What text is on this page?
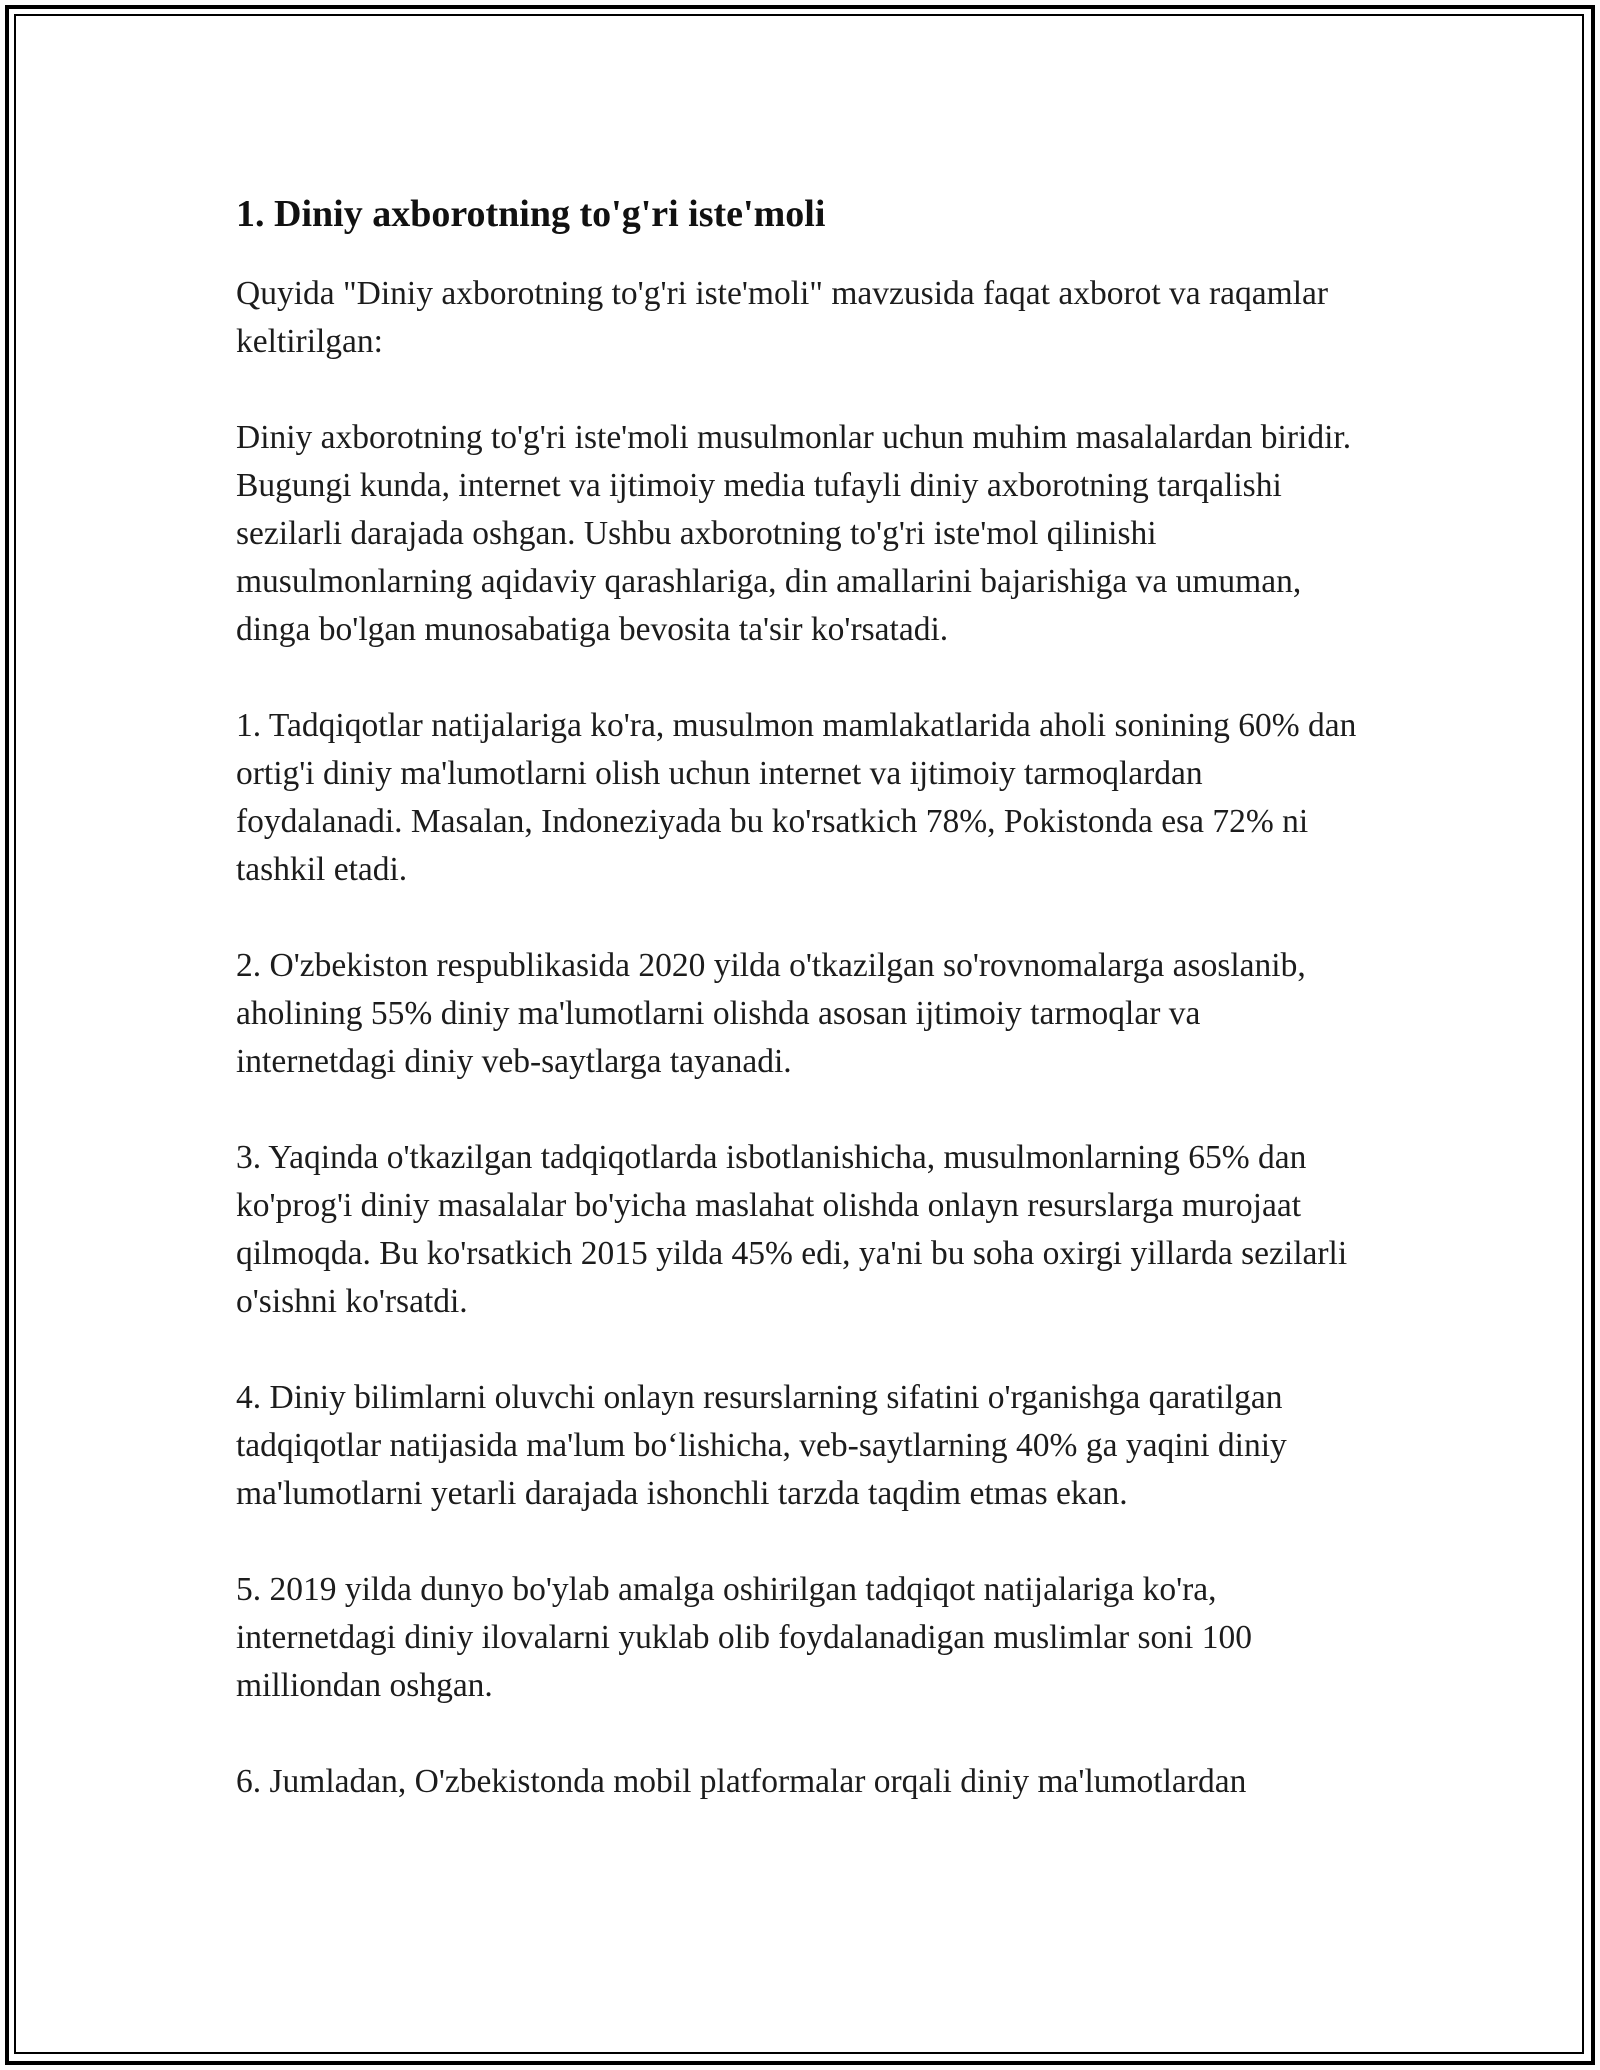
1. Diniy axborotning to'g'ri iste'moli

Quyida "Diniy axborotning to'g'ri iste'moli" mavzusida faqat axborot va raqamlar keltirilgan:

Diniy axborotning to'g'ri iste'moli musulmonlar uchun muhim masalalardan biridir. Bugungi kunda, internet va ijtimoiy media tufayli diniy axborotning tarqalishi sezilarli darajada oshgan. Ushbu axborotning to'g'ri iste'mol qilinishi musulmonlarning aqidaviy qarashlariga, din amallarini bajarishiga va umuman, dinga bo'lgan munosabatiga bevosita ta'sir ko'rsatadi.

1. Tadqiqotlar natijalariga ko'ra, musulmon mamlakatlarida aholi sonining 60% dan ortig'i diniy ma'lumotlarni olish uchun internet va ijtimoiy tarmoqlardan foydalanadi. Masalan, Indoneziyada bu ko'rsatkich 78%, Pokistonda esa 72% ni tashkil etadi.

2. O'zbekiston respublikasida 2020 yilda o'tkazilgan so'rovnomalarga asoslanib, aholining 55% diniy ma'lumotlarni olishda asosan ijtimoiy tarmoqlar va internetdagi diniy veb-saytlarga tayanadi.

3. Yaqinda o'tkazilgan tadqiqotlarda isbotlanishicha, musulmonlarning 65% dan ko'prog'i diniy masalalar bo'yicha maslahat olishda onlayn resurslarga murojaat qilmoqda. Bu ko'rsatkich 2015 yilda 45% edi, ya'ni bu soha oxirgi yillarda sezilarli o'sishni ko'rsatdi.

4. Diniy bilimlarni oluvchi onlayn resurslarning sifatini o'rganishga qaratilgan tadqiqotlar natijasida ma'lum bo‘lishicha, veb-saytlarning 40% ga yaqini diniy ma'lumotlarni yetarli darajada ishonchli tarzda taqdim etmas ekan.

5. 2019 yilda dunyo bo'ylab amalga oshirilgan tadqiqot natijalariga ko'ra, internetdagi diniy ilovalarni yuklab olib foydalanadigan muslimlar soni 100 milliondan oshgan.

6. Jumladan, O'zbekistonda mobil platformalar orqali diniy ma'lumotlardan
